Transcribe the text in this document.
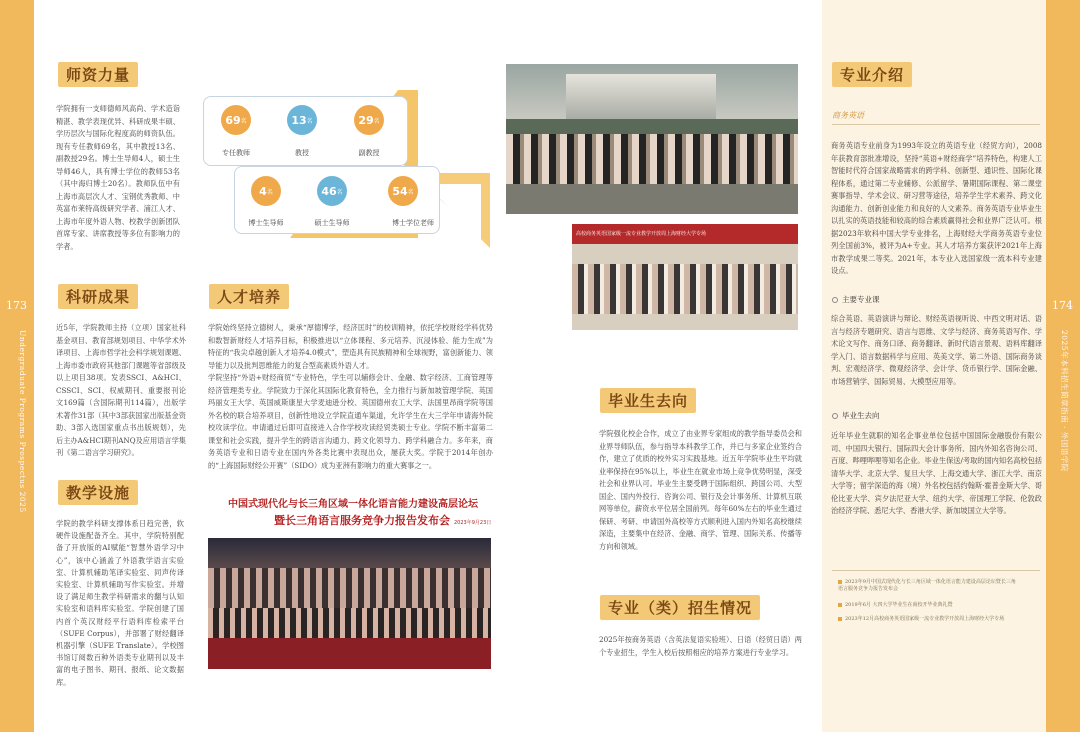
173	174
Undergraduate Programs Prospectus 2025	2025年本科招生简章指南 · 外国语学院
师资力量
学院拥有一支师德师风高尚、学术造诣精湛、教学表现优异、科研成果丰硕、学历层次与国际化程度高的师资队伍。现有专任教师69名，其中教授13名、副教授29名。博士生导师4人，硕士生导师46人，具有博士学位的教师53名（其中海归博士20名）。教师队伍中有上海市高层次人才、宝钢优秀教师、中英富布莱特高级研究学者、浦江人才、上海市年度外语人物、校教学创新团队首席专家、讲席教授等多位有影响力的学者。
69 名
专任教师
13 名
教授
29 名
副教授
4 名
博士生导师
46 名
硕士生导师
54 名
博士学位老师
科研成果
近5年，学院教师主持（立项）国家社科基金项目、教育部规划项目、中华学术外译项目、上海市哲学社会科学规划课题、上海市委市政府其他部门课题等省部级及以上项目38项。发表SSCI、A&HCI、CSSCI、SCI、权威期刊、重要报刊论文169篇（含国际期刊114篇），出版学术著作31部（其中3部获国家出版基金资助、3部入选国家重点书出版规划），先后主办A&HCI期刊ANQ及应用语言学集刊《第二语言学习研究》。
人才培养
学院始终坚持立德树人，秉承“厚德博学，经济匡时”的校训精神，依托学校财经学科优势和数智新财经人才培养目标，积极推进以“立体课程、多元培养、沉浸体验、能力生成”为特征的“我尖卓越创新人才培养4.0模式”，塑造具有民族精神和全球视野，富创新能力、领导能力以及批判思维能力的复合型高素质外语人才。
学院坚持“外语+财经商贸”专业特色，学生可以辅修会计、金融、数字经济、工商管理等经济管理类专业。学院致力于深化其国际化教育特色，全力推行与新加坡管理学院、英国玛丽女王大学、英国威斯康星大学麦迪逊分校、英国德州农工大学、法国里昂商学院等国外名校的联合培养项目，创新性地设立学院直通车渠道，允许学生在大三学年申请海外院校攻读学位。申请通过后即可直接进入合作学校攻读经贸类硕士专业。学院不断丰富第二课堂和社会实践，提升学生的跨语言沟通力、跨文化领导力、跨学科融合力。多年来，商务英语专业和日语专业在国内外各类比赛中表现出众，屡获大奖。学院于2014年创办的“上海国际财经公开赛”（SIDO）成为亚洲有影响力的重大赛事之一。
教学设施
学院的教学科研支撑体系日趋完善，软硬件设施配备齐全。其中，学院特别配备了开放版的AI赋能“智慧外语学习中心”，该中心涵盖了外语教学语言实验室、计算机辅助笔译实验室、同声传译实验室、计算机辅助写作实验室。并增设了满足师生教学科研需求的翻与认知实验室和语料库实验室。学院创建了国内首个英汉财经平行语料库检索平台（SUFE Corpus），并部署了财经翻译机器引擎（SUFE Translate）。学校图书馆订阅数百种外语类专业期刊以及丰富的电子图书、期刊、报纸、论文数据库。
中国式现代化与长三角区域一体化语言能力建设高层论坛
暨长三角语言服务竞争力报告发布会 2023年9月23日
高校商务英语国家级一流专业教学开放周上海财经大学专场
毕业生去向
学院强化校企合作，成立了由业界专家组成的教学指导委员会和业界导师队伍，参与指导本科教学工作，并已与多家企业签约合作，建立了优质的校外实习实践基地。近五年学院毕业生平均就业率保持在95%以上，毕业生在就业市场上竞争优势明显，深受社会和业界认可。毕业生主要受聘于国际组织、跨国公司、大型国企、国内外投行、咨询公司、银行及会计事务所、计算机互联网等单位，薪资水平位居全国前列。每年60%左右的毕业生通过保研、考研、申请国外高校等方式顺利进入国内外知名高校继续深造，主要集中在经济、金融、商学、管理、国际关系、传播等方向和领域。
专业（类）招生情况
2025年按商务英语（含英法复语实验班）、日语（经贸日语）两个专业招生，学生入校后按照相应的培养方案进行专业学习。
专业介绍
商务英语
商务英语专业前身为1993年设立的英语专业（经贸方向），2008年获教育部批准增设，坚持“英语+财经商学”培养特色，构建人工智能时代符合国家战略需求的跨学科、创新型、通识性、国际化课程体系，通过第二专业辅修、公派留学、暑期国际课程、第二课堂赛事指导、学术会议、研习营等途径，培养学生学术素养、跨文化沟通能力、创新创业能力和良好的人文素养。商务英语专业毕业生以扎实的英语技能和较高的综合素质赢得社会和业界广泛认可。根据2023年软科中国大学专业排名，上海财经大学商务英语专业位列全国前3%，被评为A+专业。其人才培养方案获评2021年上海市教学成果二等奖。2021年，本专业入选国家级一流本科专业建设点。
主要专业课
综合英语、英语演讲与辩论、财经英语视听说、中西文明对话、语言与经济专题研究、语言与思维、文学与经济、商务英语写作、学术论文写作、商务口译、商务翻译、新时代语言景观、语料库翻译学入门、语言数据科学与应用、英美文学、第二外语、国际商务谈判、宏观经济学、微观经济学、会计学、货币银行学、国际金融、市场营销学、国际贸易、大模型应用等。
毕业生去向
近年毕业生就职的知名企事业单位包括中国国际金融股份有限公司、中国四大银行、国际四大会计事务所、国内外知名咨询公司、百度、哔哩哔哩等知名企业。毕业生保送/考取的国内知名高校包括清华大学、北京大学、复旦大学、上海交通大学、浙江大学、南京大学等；留学深造的海（境）外名校包括约翰斯·霍普金斯大学、哥伦比亚大学、宾夕法尼亚大学、纽约大学、帝国理工学院、伦敦政治经济学院、悉尼大学、香港大学、新加坡国立大学等。
2023年9月中国式现代化与长三角区域一体化语言能力建设高层论坛暨长三角语言服务竞争力报告发布会
2019年6月 大四大学毕业生在商校开毕业典礼暨
2023年12月高校商务英语国家级一流专业教学开放周上海财经大学专场
